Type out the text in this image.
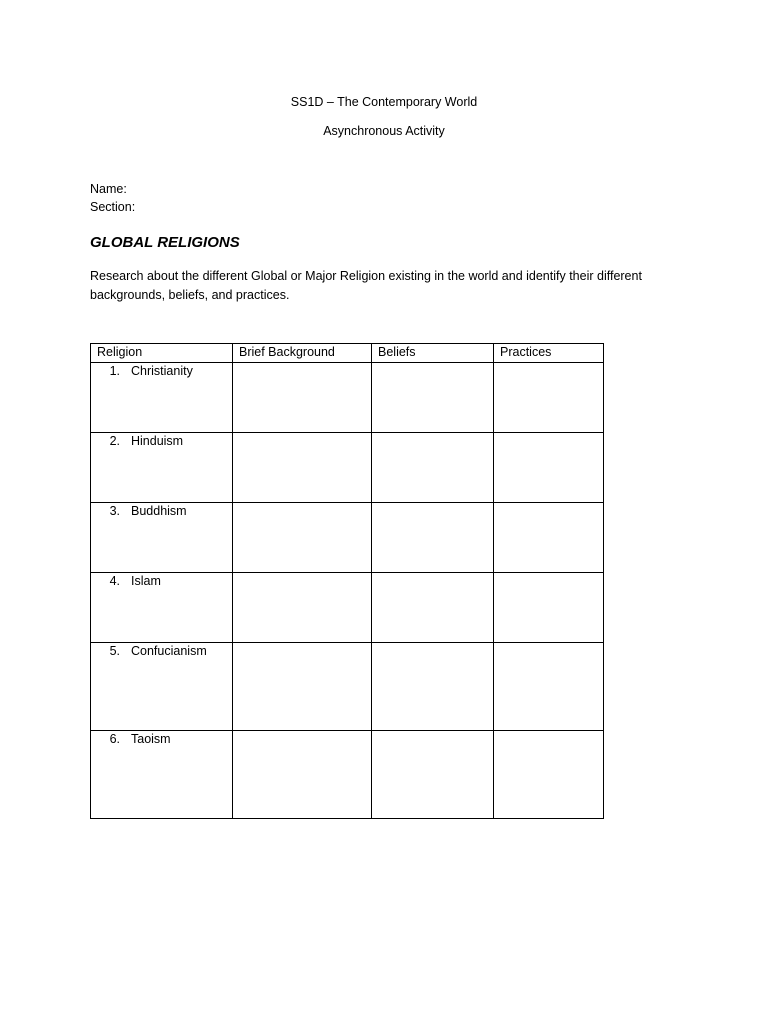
SS1D – The Contemporary World
Asynchronous Activity
Name:
Section:
GLOBAL RELIGIONS

Research about the different Global or Major Religion existing in the world and identify their different backgrounds, beliefs, and practices.

Religion	Brief Background	Beliefs	Practices
1. Christianity			
2. Hinduism			
3. Buddhism			
4. Islam			
5. Confucianism			
6. Taoism			
